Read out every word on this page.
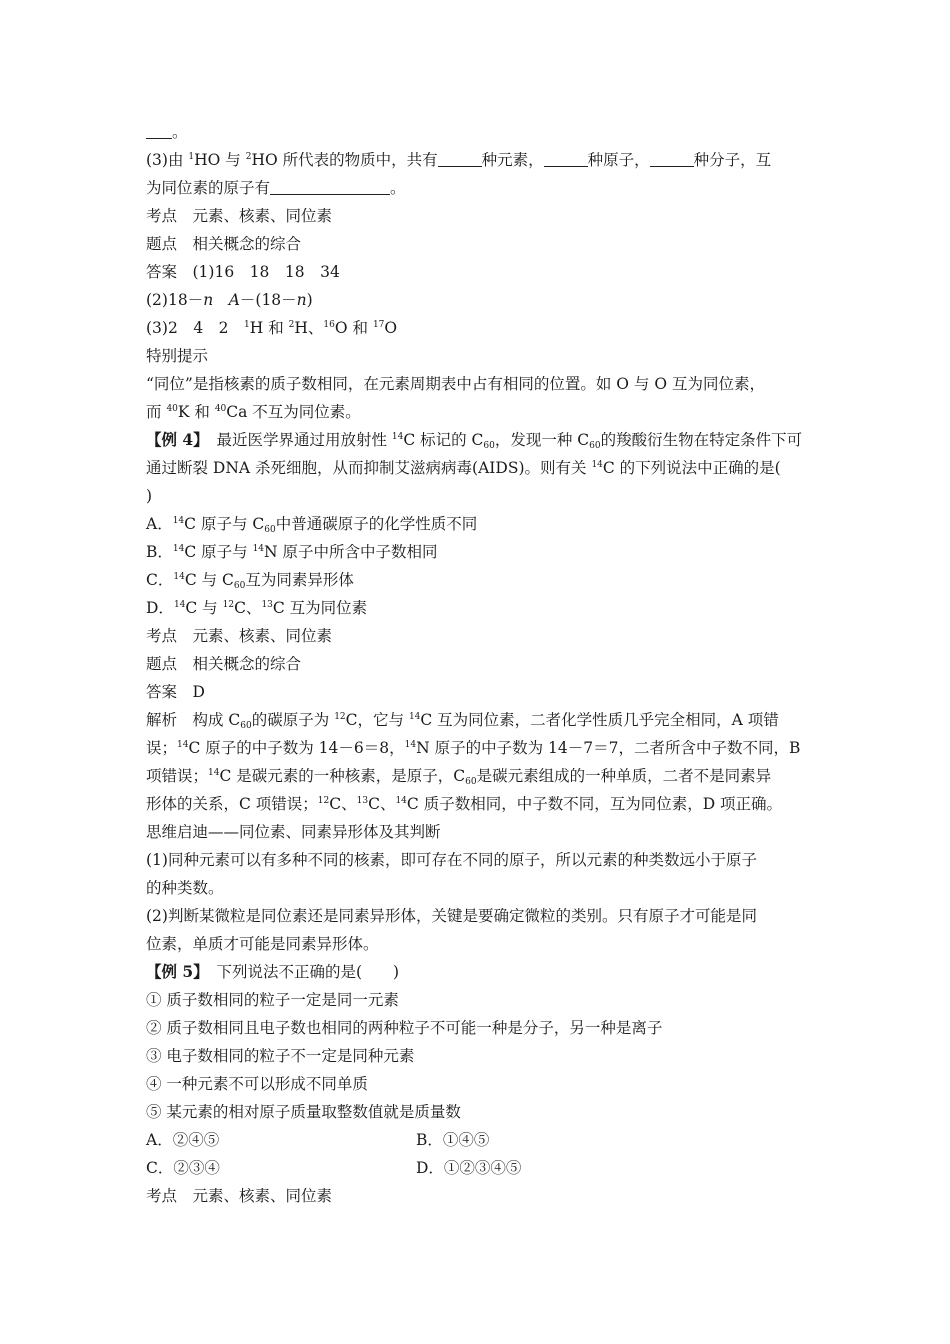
。
(3)由 $^1$HO 与 $^2$HO 所代表的物质中，共有	种元素，	种原子，	种分子，互
为同位素的原子有	。
考点　元素、核素、同位素
题点　相关概念的综合
答案　(1)16　18　18　34
(2)18－n　 A－(18－n)
(3)2　4　2　$^1$H 和 $^2$H、$^{16}$O 和 $^{17}$O
特别提示
“同位”是指核素的质子数相同，在元素周期表中占有相同的位置。如 O 与 O 互为同位素，
而 $^{40}$K 和 $^{40}$Ca 不互为同位素。
【例 4】　最近医学界通过用放射性 $^{14}$C 标记的 $C_{60}$，发现一种 $C_{60}$的羧酸衍生物在特定条件下可
通过断裂 DNA 杀死细胞，从而抑制艾滋病病毒(AIDS)。则有关 $^{14}$C 的下列说法中正确的是(
)
A．$^{14}$C 原子与 $C_{60}$中普通碳原子的化学性质不同
B．$^{14}$C 原子与 $^{14}$N 原子中所含中子数相同
C．$^{14}$C 与 $C_{60}$互为同素异形体
D．$^{14}$C 与 $^{12}$C、$^{13}$C 互为同位素
考点　元素、核素、同位素
题点　相关概念的综合
答案　D
解析　构成 $C_{60}$的碳原子为 $^{12}$C，它与 $^{14}$C 互为同位素，二者化学性质几乎完全相同，A 项错
误；$^{14}$C 原子的中子数为 14－6＝8，$^{14}$N 原子的中子数为 14－7＝7，二者所含中子数不同，B
项错误；$^{14}$C 是碳元素的一种核素，是原子，$C_{60}$是碳元素组成的一种单质，二者不是同素异
形体的关系，C 项错误；$^{12}$C、$^{13}$C、$^{14}$C 质子数相同，中子数不同，互为同位素，D 项正确。
思维启迪——同位素、同素异形体及其判断
(1)同种元素可以有多种不同的核素，即可存在不同的原子，所以元素的种类数远小于原子
的种类数。
(2)判断某微粒是同位素还是同素异形体，关键是要确定微粒的类别。只有原子才可能是同
位素，单质才可能是同素异形体。
【例 5】　下列说法不正确的是(　　)
① 质子数相同的粒子一定是同一元素
② 质子数相同且电子数也相同的两种粒子不可能一种是分子，另一种是离子
③ 电子数相同的粒子不一定是同种元素
④ 一种元素不可以形成不同单质
⑤ 某元素的相对原子质量取整数值就是质量数
A．②④⑤	B．①④⑤
C．②③④	D．①②③④⑤
考点　元素、核素、同位素
